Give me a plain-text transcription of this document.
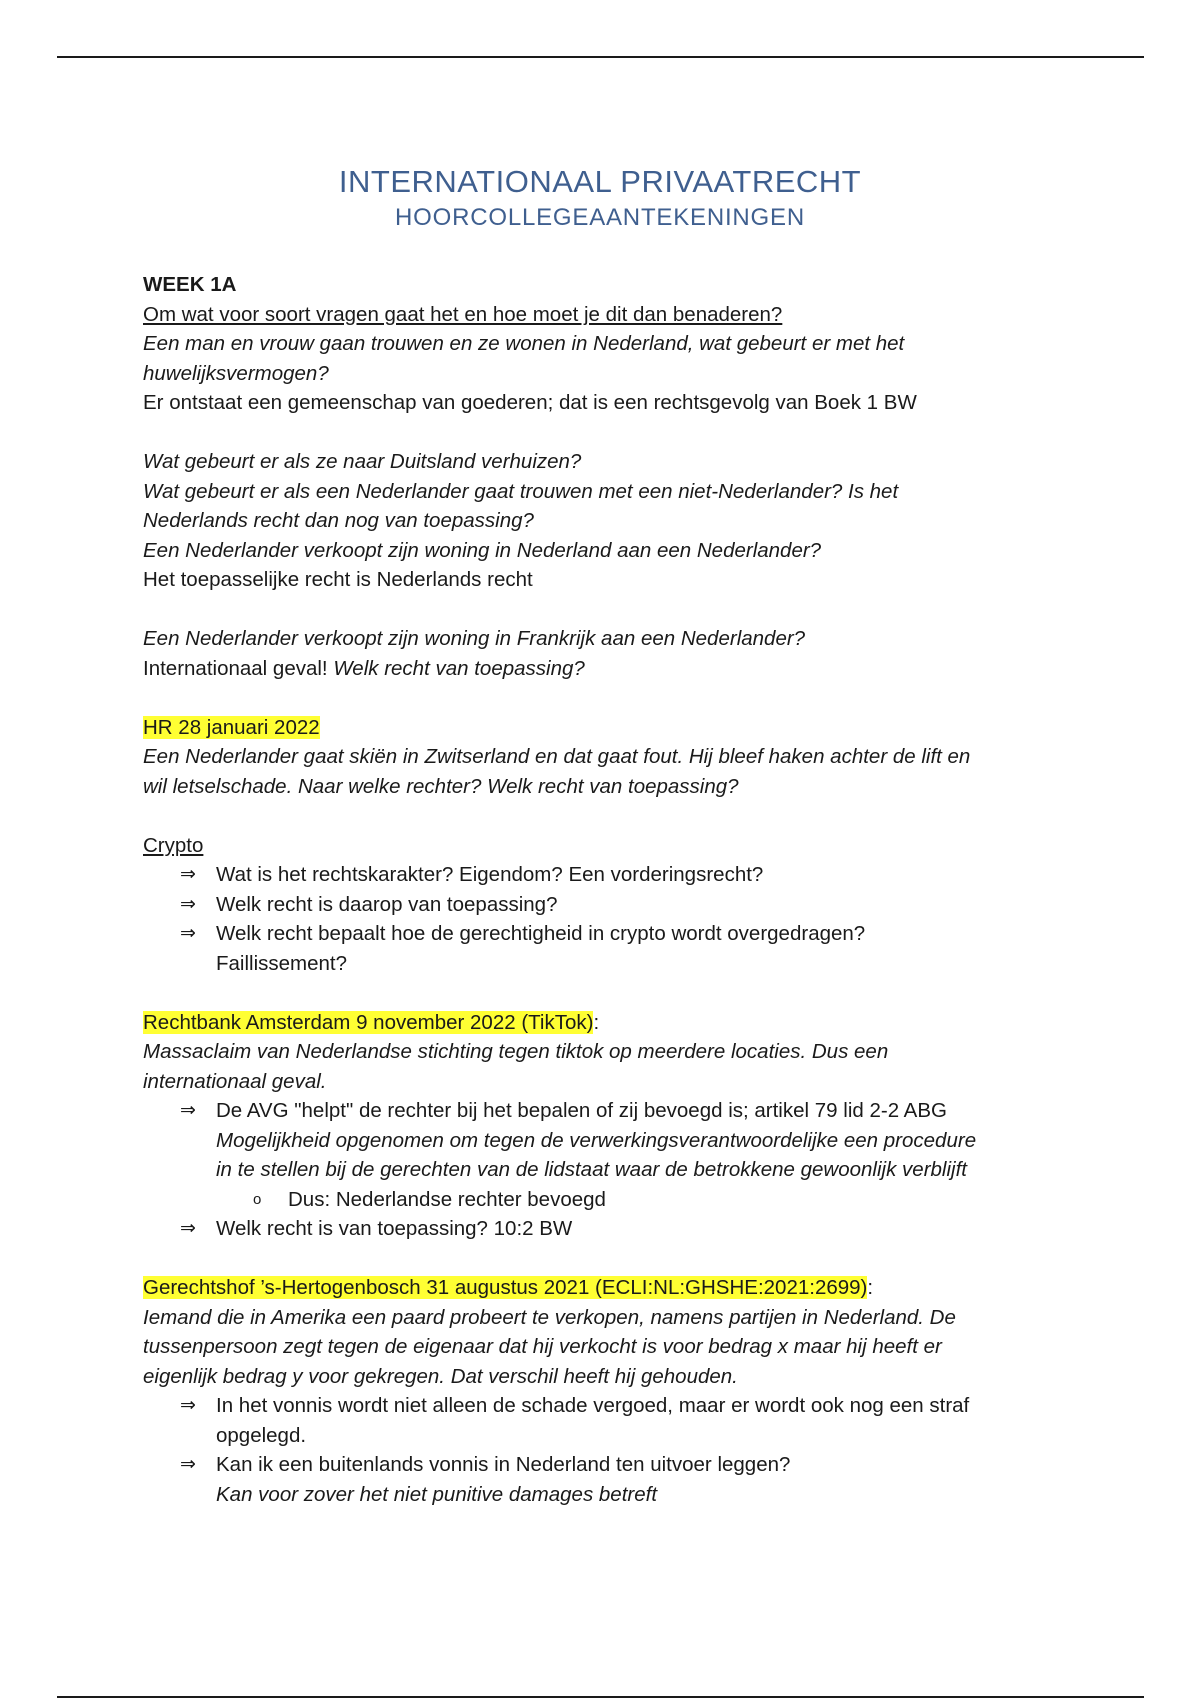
INTERNATIONAAL PRIVAATRECHT
HOORCOLLEGEAANTEKENINGEN

WEEK 1A

Om wat voor soort vragen gaat het en hoe moet je dit dan benaderen?

Een man en vrouw gaan trouwen en ze wonen in Nederland, wat gebeurt er met het

huwelijksvermogen?

Er ontstaat een gemeenschap van goederen; dat is een rechtsgevolg van Boek 1 BW

Wat gebeurt er als ze naar Duitsland verhuizen?

Wat gebeurt er als een Nederlander gaat trouwen met een niet-Nederlander? Is het

Nederlands recht dan nog van toepassing?

Een Nederlander verkoopt zijn woning in Nederland aan een Nederlander?

Het toepasselijke recht is Nederlands recht

Een Nederlander verkoopt zijn woning in Frankrijk aan een Nederlander?

Internationaal geval! Welk recht van toepassing?

HR 28 januari 2022

Een Nederlander gaat skiën in Zwitserland en dat gaat fout. Hij bleef haken achter de lift en

wil letselschade. Naar welke rechter? Welk recht van toepassing?

Crypto

⇒ Wat is het rechtskarakter? Eigendom? Een vorderingsrecht?
⇒ Welk recht is daarop van toepassing?
⇒ Welk recht bepaalt hoe de gerechtigheid in crypto wordt overgedragen?
Faillissement?

Rechtbank Amsterdam 9 november 2022 (TikTok):

Massaclaim van Nederlandse stichting tegen tiktok op meerdere locaties. Dus een

internationaal geval.

⇒ De AVG "helpt" de rechter bij het bepalen of zij bevoegd is; artikel 79 lid 2-2 ABG
Mogelijkheid opgenomen om tegen de verwerkingsverantwoordelijke een procedure
in te stellen bij de gerechten van de lidstaat waar de betrokkene gewoonlijk verblijft
o Dus: Nederlandse rechter bevoegd
⇒ Welk recht is van toepassing? 10:2 BW

Gerechtshof ’s-Hertogenbosch 31 augustus 2021 (ECLI:NL:GHSHE:2021:2699):

Iemand die in Amerika een paard probeert te verkopen, namens partijen in Nederland. De

tussenpersoon zegt tegen de eigenaar dat hij verkocht is voor bedrag x maar hij heeft er

eigenlijk bedrag y voor gekregen. Dat verschil heeft hij gehouden.

⇒ In het vonnis wordt niet alleen de schade vergoed, maar er wordt ook nog een straf
opgelegd.
⇒ Kan ik een buitenlands vonnis in Nederland ten uitvoer leggen?
Kan voor zover het niet punitive damages betreft
